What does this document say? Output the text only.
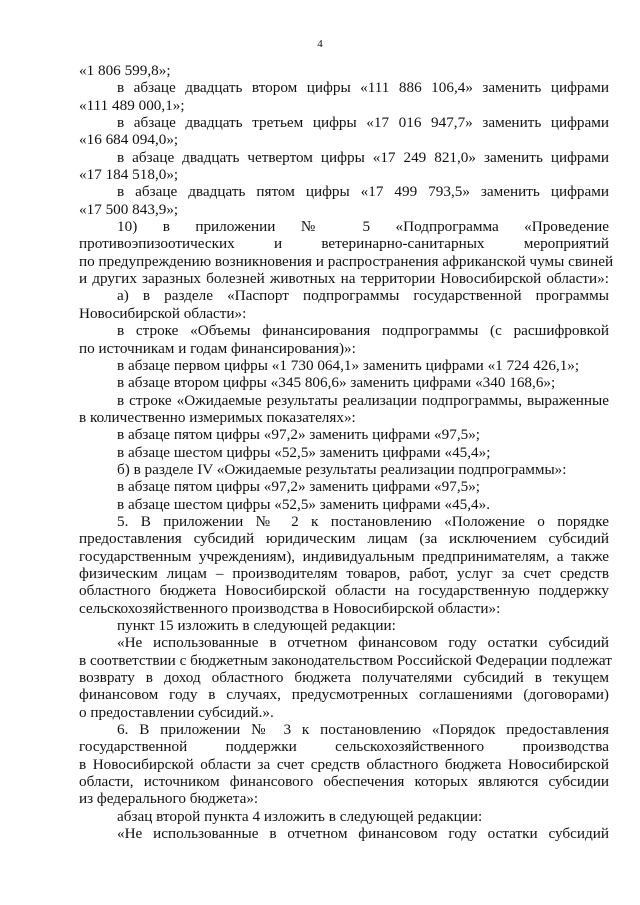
4
«1 806 599,8»;
в абзаце двадцать втором цифры «111 886 106,4» заменить цифрами
«111 489 000,1»;
в абзаце двадцать третьем цифры «17 016 947,7» заменить цифрами
«16 684 094,0»;
в абзаце двадцать четвертом цифры «17 249 821,0» заменить цифрами
«17 184 518,0»;
в абзаце двадцать пятом цифры «17 499 793,5» заменить цифрами
«17 500 843,9»;
10) в приложении № 5 «Подпрограмма «Проведение
противоэпизоотических и ветеринарно-санитарных мероприятий
по предупреждению возникновения и распространения африканской чумы свиней
и других заразных болезней животных на территории Новосибирской области»:
а) в разделе «Паспорт подпрограммы государственной программы
Новосибирской области»:
в строке «Объемы финансирования подпрограммы (с расшифровкой
по источникам и годам финансирования)»:
в абзаце первом цифры «1 730 064,1» заменить цифрами «1 724 426,1»;
в абзаце втором цифры «345 806,6» заменить цифрами «340 168,6»;
в строке «Ожидаемые результаты реализации подпрограммы, выраженные
в количественно измеримых показателях»:
в абзаце пятом цифры «97,2» заменить цифрами «97,5»;
в абзаце шестом цифры «52,5» заменить цифрами «45,4»;
б) в разделе IV «Ожидаемые результаты реализации подпрограммы»:
в абзаце пятом цифры «97,2» заменить цифрами «97,5»;
в абзаце шестом цифры «52,5» заменить цифрами «45,4».
5. В приложении № 2 к постановлению «Положение о порядке
предоставления субсидий юридическим лицам (за исключением субсидий
государственным учреждениям), индивидуальным предпринимателям, а также
физическим лицам – производителям товаров, работ, услуг за счет средств
областного бюджета Новосибирской области на государственную поддержку
сельскохозяйственного производства в Новосибирской области»:
пункт 15 изложить в следующей редакции:
«Не использованные в отчетном финансовом году остатки субсидий
в соответствии с бюджетным законодательством Российской Федерации подлежат
возврату в доход областного бюджета получателями субсидий в текущем
финансовом году в случаях, предусмотренных соглашениями (договорами)
о предоставлении субсидий.».
6. В приложении № 3 к постановлению «Порядок предоставления
государственной поддержки сельскохозяйственного производства
в Новосибирской области за счет средств областного бюджета Новосибирской
области, источником финансового обеспечения которых являются субсидии
из федерального бюджета»:
абзац второй пункта 4 изложить в следующей редакции:
«Не использованные в отчетном финансовом году остатки субсидий
